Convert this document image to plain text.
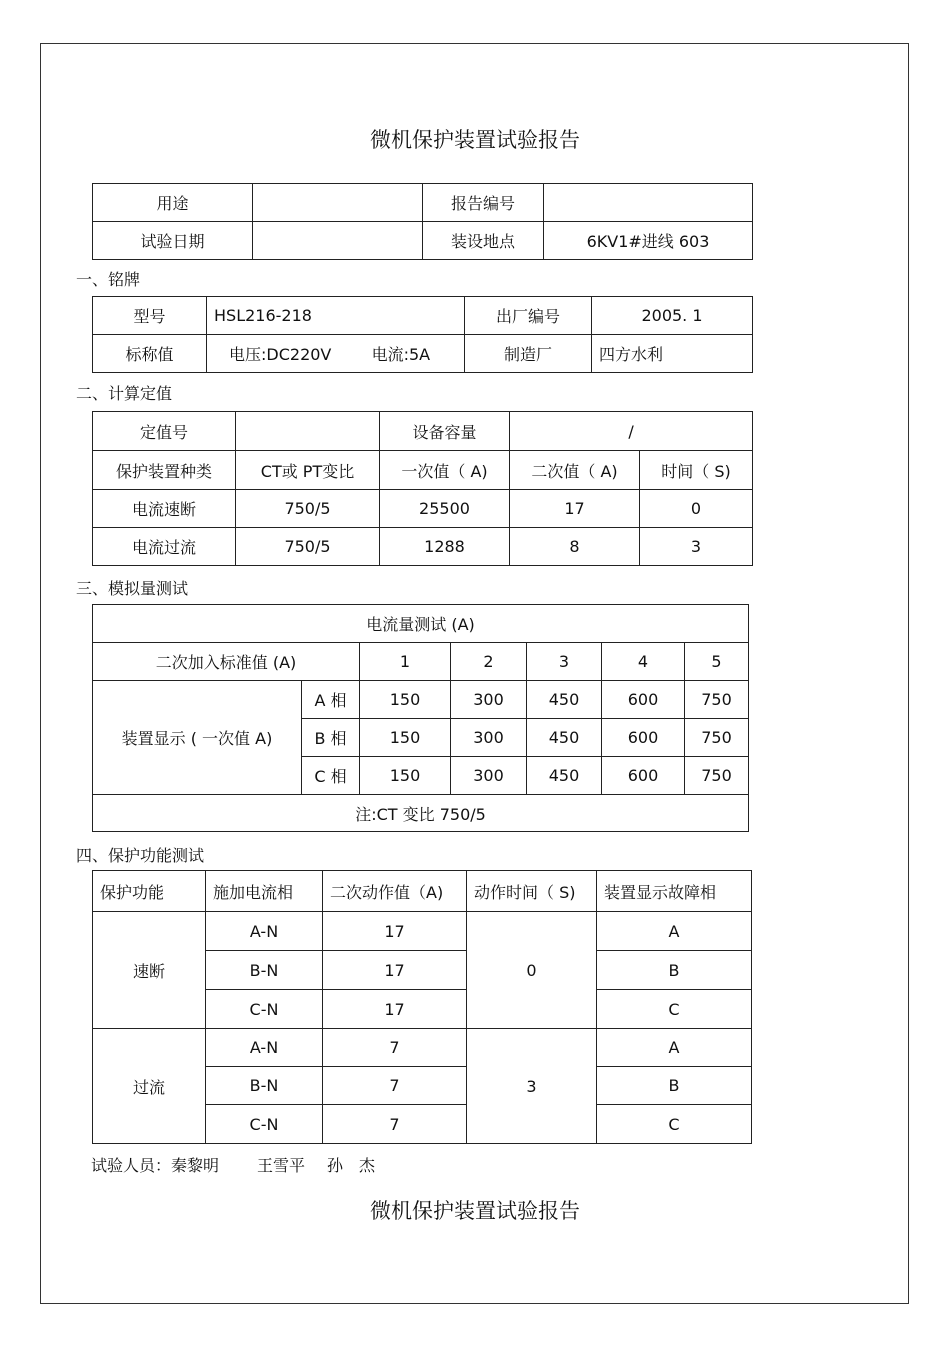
微机保护装置试验报告
用途		报告编号	
试验日期		装设地点	6KV1#进线 603
一、铭牌
型号	HSL216-218	出厂编号	2005. 1
标称值	电压:DC220V 电流:5A	制造厂	四方水利
二、计算定值
定值号		设备容量	/	
保护装置种类	CT或 PT变比	一次值（ A)	二次值（ A)	时间（ S)
电流速断	750/5	25500	17	0
电流过流	750/5	1288	8	3
三、模拟量测试
电流量测试 (A)						
二次加入标准值 (A)		1	2	3	4	5
装置显示 ( 一次值 A)	A 相	150	300	450	600	750
	B 相	150	300	450	600	750
	C 相	150	300	450	600	750
注:CT 变比 750/5						
四、保护功能测试
保护功能	施加电流相	二次动作值（A)	动作时间（ S)	装置显示故障相
速断	A-N	17	0	A
	B-N	17		B
	C-N	17		C
过流	A-N	7	3	A
	B-N	7		B
	C-N	7		C
试验人员：秦黎明 王雪平 孙　杰
微机保护装置试验报告
